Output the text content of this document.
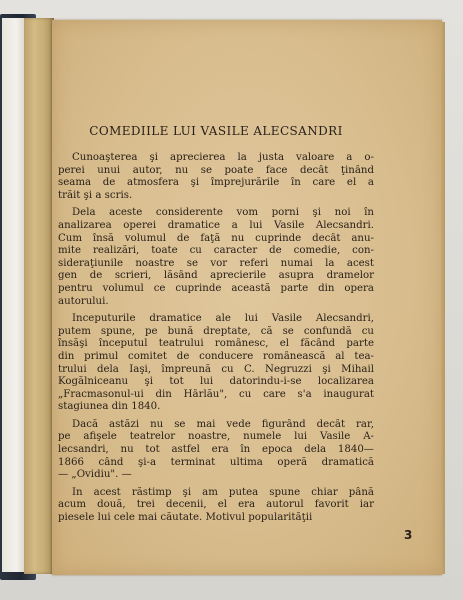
COMEDIILE LUI VASILE ALECSANDRI
Cunoaşterea şi aprecierea la justa valoare a o-
perei unui autor, nu se poate face decât ţinând
seama de atmosfera şi împrejurările în care el a
trăit şi a scris.
Dela aceste considerente vom porni şi noi în
analizarea operei dramatice a lui Vasile Alecsandri.
Cum însă volumul de faţă nu cuprinde decât anu-
mite realizări, toate cu caracter de comedie, con-
sideraţiunile noastre se vor referi numai la acest
gen de scrieri, lăsând aprecierile asupra dramelor
pentru volumul ce cuprinde această parte din opera
autorului.
Inceputurile dramatice ale lui Vasile Alecsandri,
putem spune, pe bună dreptate, că se confundă cu
însăşi începutul teatrului românesc, el făcând parte
din primul comitet de conducere românească al tea-
trului dela Iaşi, împreună cu C. Negruzzi şi Mihail
Kogălniceanu şi tot lui datorindu-i-se localizarea
„Fracmasonul-ui din Hârlău", cu care s'a inaugurat
stagiunea din 1840.
Dacă astăzi nu se mai vede figurând decât rar,
pe afişele teatrelor noastre, numele lui Vasile A-
lecsandri, nu tot astfel era în epoca dela 1840—
1866 când şi-a terminat ultima operă dramatică
— „Ovidiu". —
In acest răstimp şi am putea spune chiar până
acum două, trei decenii, el era autorul favorit iar
piesele lui cele mai căutate. Motivul popularităţii
3
